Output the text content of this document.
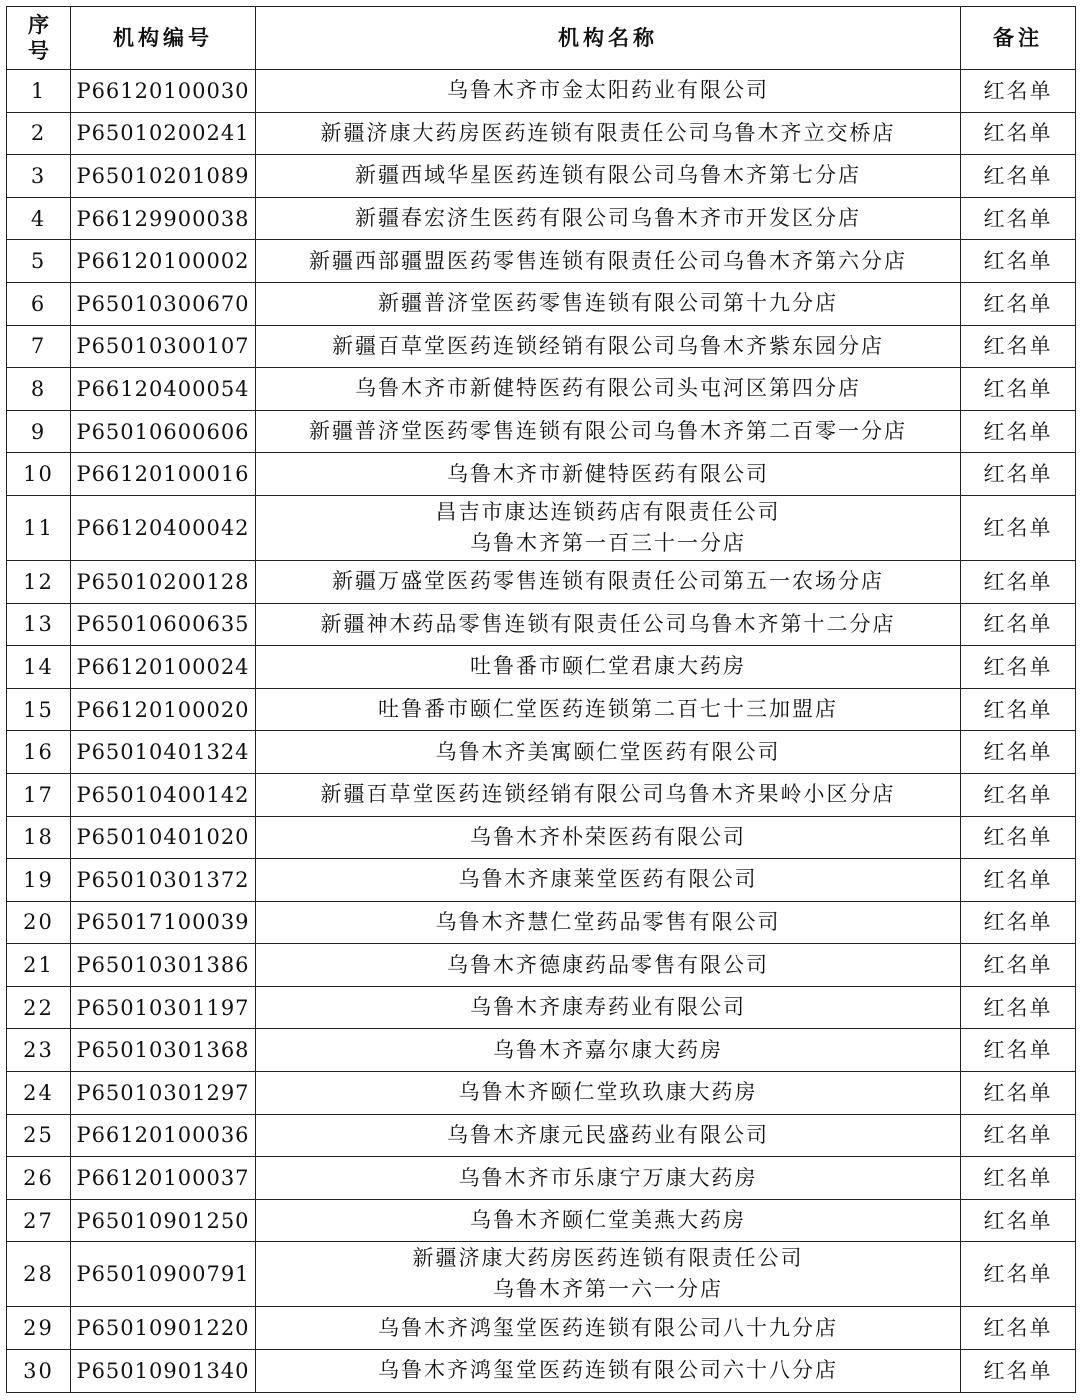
序
号	机构编号	机构名称	备注
1	P66120100030	乌鲁木齐市金太阳药业有限公司	红名单
2	P65010200241	新疆济康大药房医药连锁有限责任公司乌鲁木齐立交桥店	红名单
3	P65010201089	新疆西域华星医药连锁有限公司乌鲁木齐第七分店	红名单
4	P66129900038	新疆春宏济生医药有限公司乌鲁木齐市开发区分店	红名单
5	P66120100002	新疆西部疆盟医药零售连锁有限责任公司乌鲁木齐第六分店	红名单
6	P65010300670	新疆普济堂医药零售连锁有限公司第十九分店	红名单
7	P65010300107	新疆百草堂医药连锁经销有限公司乌鲁木齐紫东园分店	红名单
8	P66120400054	乌鲁木齐市新健特医药有限公司头屯河区第四分店	红名单
9	P65010600606	新疆普济堂医药零售连锁有限公司乌鲁木齐第二百零一分店	红名单
10	P66120100016	乌鲁木齐市新健特医药有限公司	红名单
11	P66120400042	昌吉市康达连锁药店有限责任公司
乌鲁木齐第一百三十一分店	红名单
12	P65010200128	新疆万盛堂医药零售连锁有限责任公司第五一农场分店	红名单
13	P65010600635	新疆神木药品零售连锁有限责任公司乌鲁木齐第十二分店	红名单
14	P66120100024	吐鲁番市颐仁堂君康大药房	红名单
15	P66120100020	吐鲁番市颐仁堂医药连锁第二百七十三加盟店	红名单
16	P65010401324	乌鲁木齐美寓颐仁堂医药有限公司	红名单
17	P65010400142	新疆百草堂医药连锁经销有限公司乌鲁木齐果岭小区分店	红名单
18	P65010401020	乌鲁木齐朴荣医药有限公司	红名单
19	P65010301372	乌鲁木齐康莱堂医药有限公司	红名单
20	P65017100039	乌鲁木齐慧仁堂药品零售有限公司	红名单
21	P65010301386	乌鲁木齐德康药品零售有限公司	红名单
22	P65010301197	乌鲁木齐康寿药业有限公司	红名单
23	P65010301368	乌鲁木齐嘉尔康大药房	红名单
24	P65010301297	乌鲁木齐颐仁堂玖玖康大药房	红名单
25	P66120100036	乌鲁木齐康元民盛药业有限公司	红名单
26	P66120100037	乌鲁木齐市乐康宁万康大药房	红名单
27	P65010901250	乌鲁木齐颐仁堂美燕大药房	红名单
28	P65010900791	新疆济康大药房医药连锁有限责任公司
乌鲁木齐第一六一分店	红名单
29	P65010901220	乌鲁木齐鸿玺堂医药连锁有限公司八十九分店	红名单
30	P65010901340	乌鲁木齐鸿玺堂医药连锁有限公司六十八分店	红名单
